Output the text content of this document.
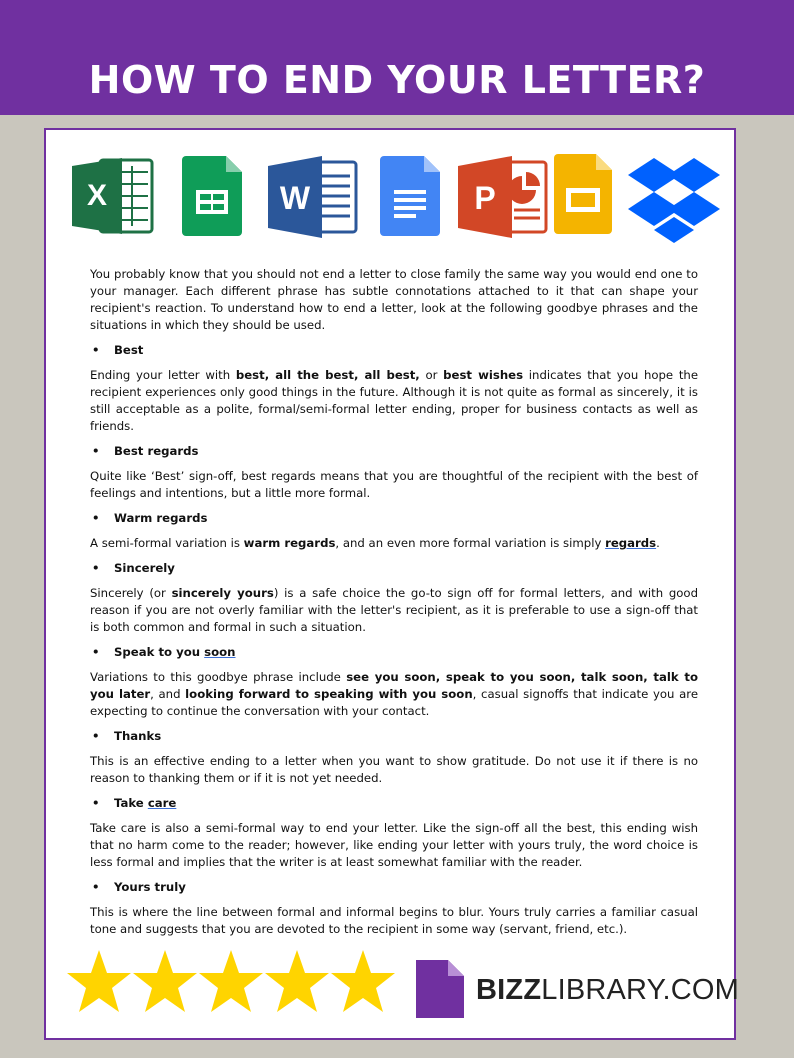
HOW TO END YOUR LETTER?
X	W	P

You probably know that you should not end a letter to close family the same way you would end one to your manager. Each different phrase has subtle connotations attached to it that can shape your recipient's reaction. To understand how to end a letter, look at the following goodbye phrases and the situations in which they should be used.

• Best

Ending your letter with best, all the best, all best, or best wishes indicates that you hope the recipient experiences only good things in the future. Although it is not quite as formal as sincerely, it is still acceptable as a polite, formal/semi-formal letter ending, proper for business contacts as well as friends.

• Best regards

Quite like ‘Best’ sign-off, best regards means that you are thoughtful of the recipient with the best of feelings and intentions, but a little more formal.

• Warm regards

A semi-formal variation is warm regards, and an even more formal variation is simply regards.

• Sincerely

Sincerely (or sincerely yours) is a safe choice the go-to sign off for formal letters, and with good reason if you are not overly familiar with the letter's recipient, as it is preferable to use a sign-off that is both common and formal in such a situation.

• Speak to you soon

Variations to this goodbye phrase include see you soon, speak to you soon, talk soon, talk to you later, and looking forward to speaking with you soon, casual signoffs that indicate you are expecting to continue the conversation with your contact.

• Thanks

This is an effective ending to a letter when you want to show gratitude. Do not use it if there is no reason to thanking them or if it is not yet needed.

• Take care

Take care is also a semi-formal way to end your letter. Like the sign-off all the best, this ending wish that no harm come to the reader; however, like ending your letter with yours truly, the word choice is less formal and implies that the writer is at least somewhat familiar with the reader.

• Yours truly

This is where the line between formal and informal begins to blur. Yours truly carries a familiar casual tone and suggests that you are devoted to the recipient in some way (servant, friend, etc.).

BIZZLIBRARY.COM
